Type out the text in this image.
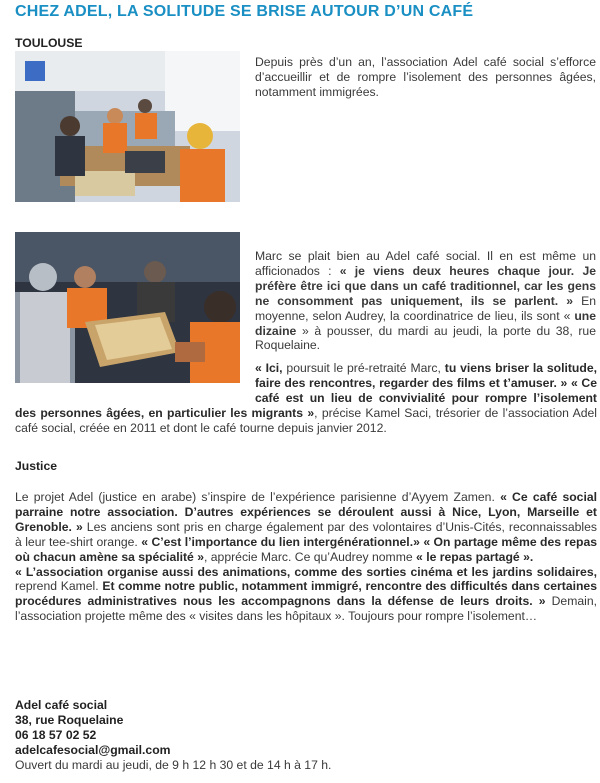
CHEZ ADEL, LA SOLITUDE SE BRISE AUTOUR D’UN CAFÉ
TOULOUSE
Depuis près d’un an, l’association Adel café social s’efforce d’accueillir et de rompre l’isolement des personnes âgées, notamment immigrées.
Marc se plait bien au Adel café social. Il en est même un afficionados : « je viens deux heures chaque jour. Je préfère être ici que dans un café traditionnel, car les gens ne consomment pas uniquement, ils se parlent. » En moyenne, selon Audrey, la coordinatrice de lieu, ils sont « une dizaine » à pousser, du mardi au jeudi, la porte du 38, rue Roquelaine.
« Ici, poursuit le pré-retraité Marc, tu viens briser la solitude, faire des rencontres, regarder des films et t’amuser. » « Ce café est un lieu de convivialité pour rompre l’isolement des personnes âgées, en particulier les migrants », précise Kamel Saci, trésorier de l’association Adel café social, créée en 2011 et dont le café tourne depuis janvier 2012.
Justice
Le projet Adel (justice en arabe) s’inspire de l’expérience parisienne d’Ayyem Zamen. « Ce café social parraine notre association. D’autres expériences se déroulent aussi à Nice, Lyon, Marseille et Grenoble. » Les anciens sont pris en charge également par des volontaires d’Unis-Cités, reconnaissables à leur tee-shirt orange. « C’est l’importance du lien intergénérationnel.» « On partage même des repas où chacun amène sa spécialité », apprécie Marc. Ce qu’Audrey nomme « le repas partagé ».
« L’association organise aussi des animations, comme des sorties cinéma et les jardins solidaires, reprend Kamel. Et comme notre public, notamment immigré, rencontre des difficultés dans certaines procédures administratives nous les accompagnons dans la défense de leurs droits. » Demain, l’association projette même des « visites dans les hôpitaux ». Toujours pour rompre l’isolement…
Adel café social
38, rue Roquelaine
06 18 57 02 52
adelcafesocial@gmail.com
Ouvert du mardi au jeudi, de 9 h 12 h 30 et de 14 h à 17 h.
